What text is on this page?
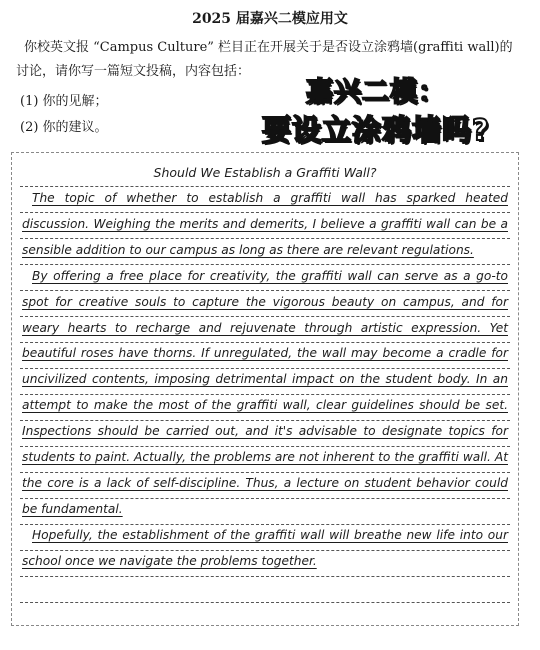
2025 届嘉兴二模应用文
你校英文报 “Campus Culture” 栏目正在开展关于是否设立涂鸦墙(graffiti wall)的讨论，请你写一篇短文投稿，内容包括：
(1) 你的见解；
(2) 你的建议。
嘉兴二模：
要设立涂鸦墙吗?
Should We Establish a Graffiti Wall?
The topic of whether to establish a graffiti wall has sparked heated discussion. Weighing the merits and demerits, I believe a graffiti wall can be a sensible addition to our campus as long as there are relevant regulations.
By offering a free place for creativity, the graffiti wall can serve as a go-to spot for creative souls to capture the vigorous beauty on campus, and for weary hearts to recharge and rejuvenate through artistic expression. Yet beautiful roses have thorns. If unregulated, the wall may become a cradle for uncivilized contents, imposing detrimental impact on the student body. In an attempt to make the most of the graffiti wall, clear guidelines should be set. Inspections should be carried out, and it's advisable to designate topics for students to paint. Actually, the problems are not inherent to the graffiti wall. At the core is a lack of self-discipline. Thus, a lecture on student behavior could be fundamental.
Hopefully, the establishment of the graffiti wall will breathe new life into our school once we navigate the problems together.
